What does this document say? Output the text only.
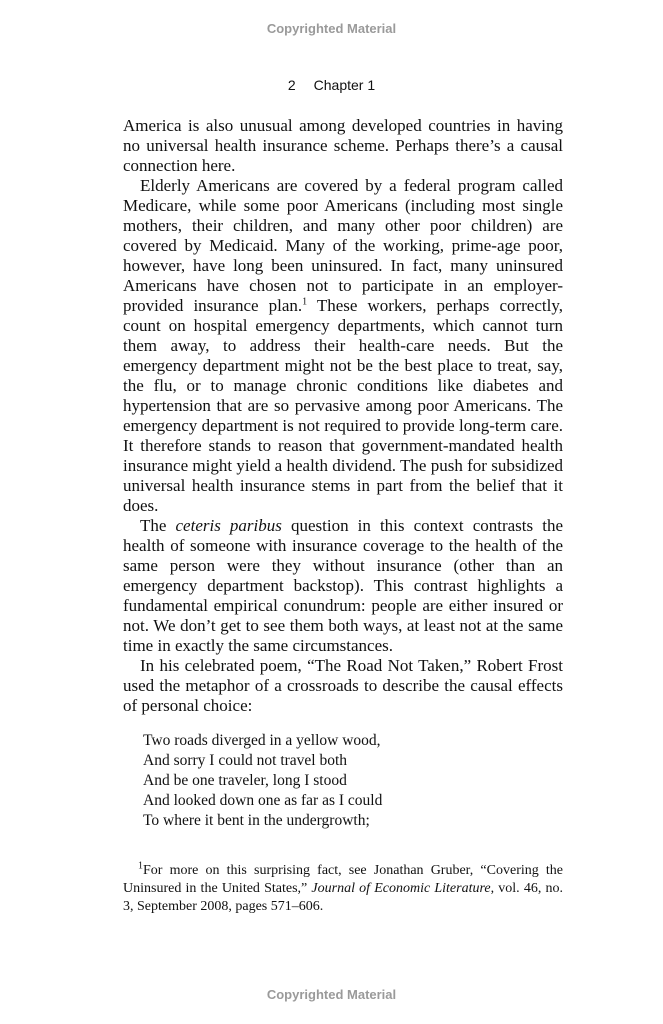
Copyrighted Material
2 Chapter 1

America is also unusual among developed countries in having no universal health insurance scheme. Perhaps there’s a causal connection here.

Elderly Americans are covered by a federal program called Medicare, while some poor Americans (including most single mothers, their children, and many other poor children) are covered by Medicaid. Many of the working, prime-age poor, however, have long been uninsured. In fact, many uninsured Americans have chosen not to participate in an employer-provided insurance plan.$^1$ These workers, perhaps correctly, count on hospital emergency departments, which cannot turn them away, to address their health-care needs. But the emergency department might not be the best place to treat, say, the flu, or to manage chronic conditions like diabetes and hypertension that are so pervasive among poor Americans. The emergency department is not required to provide long-term care. It therefore stands to reason that government-mandated health insurance might yield a health dividend. The push for subsidized universal health insurance stems in part from the belief that it does.

The ceteris paribus question in this context contrasts the health of someone with insurance coverage to the health of the same person were they without insurance (other than an emergency department backstop). This contrast highlights a fundamental empirical conundrum: people are either insured or not. We don’t get to see them both ways, at least not at the same time in exactly the same circumstances.

In his celebrated poem, “The Road Not Taken,” Robert Frost used the metaphor of a crossroads to describe the causal effects of personal choice:

Two roads diverged in a yellow wood,
And sorry I could not travel both
And be one traveler, long I stood
And looked down one as far as I could
To where it bent in the undergrowth;

$^1$For more on this surprising fact, see Jonathan Gruber, “Covering the Uninsured in the United States,” Journal of Economic Literature, vol. 46, no. 3, September 2008, pages 571–606.

Copyrighted Material
